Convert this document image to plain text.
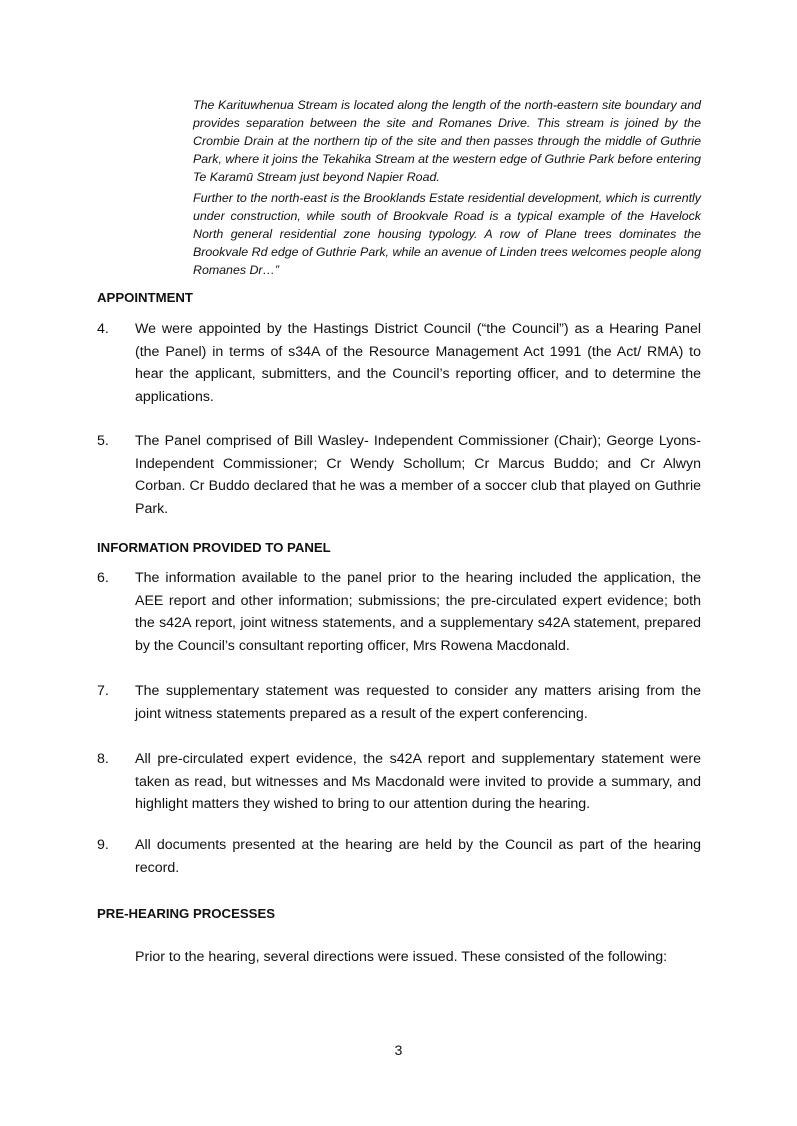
The Karituwhenua Stream is located along the length of the north-eastern site boundary and provides separation between the site and Romanes Drive. This stream is joined by the Crombie Drain at the northern tip of the site and then passes through the middle of Guthrie Park, where it joins the Tekahika Stream at the western edge of Guthrie Park before entering Te Karamū Stream just beyond Napier Road.
Further to the north-east is the Brooklands Estate residential development, which is currently under construction, while south of Brookvale Road is a typical example of the Havelock North general residential zone housing typology. A row of Plane trees dominates the Brookvale Rd edge of Guthrie Park, while an avenue of Linden trees welcomes people along Romanes Dr…”
APPOINTMENT
4. We were appointed by the Hastings District Council (“the Council”) as a Hearing Panel (the Panel) in terms of s34A of the Resource Management Act 1991 (the Act/ RMA) to hear the applicant, submitters, and the Council’s reporting officer, and to determine the applications.
5. The Panel comprised of Bill Wasley- Independent Commissioner (Chair); George Lyons- Independent Commissioner; Cr Wendy Schollum; Cr Marcus Buddo; and Cr Alwyn Corban. Cr Buddo declared that he was a member of a soccer club that played on Guthrie Park.
INFORMATION PROVIDED TO PANEL
6. The information available to the panel prior to the hearing included the application, the AEE report and other information; submissions; the pre-circulated expert evidence; both the s42A report, joint witness statements, and a supplementary s42A statement, prepared by the Council’s consultant reporting officer, Mrs Rowena Macdonald.
7. The supplementary statement was requested to consider any matters arising from the joint witness statements prepared as a result of the expert conferencing.
8. All pre-circulated expert evidence, the s42A report and supplementary statement were taken as read, but witnesses and Ms Macdonald were invited to provide a summary, and highlight matters they wished to bring to our attention during the hearing.
9. All documents presented at the hearing are held by the Council as part of the hearing record.
PRE-HEARING PROCESSES
Prior to the hearing, several directions were issued. These consisted of the following:
3
